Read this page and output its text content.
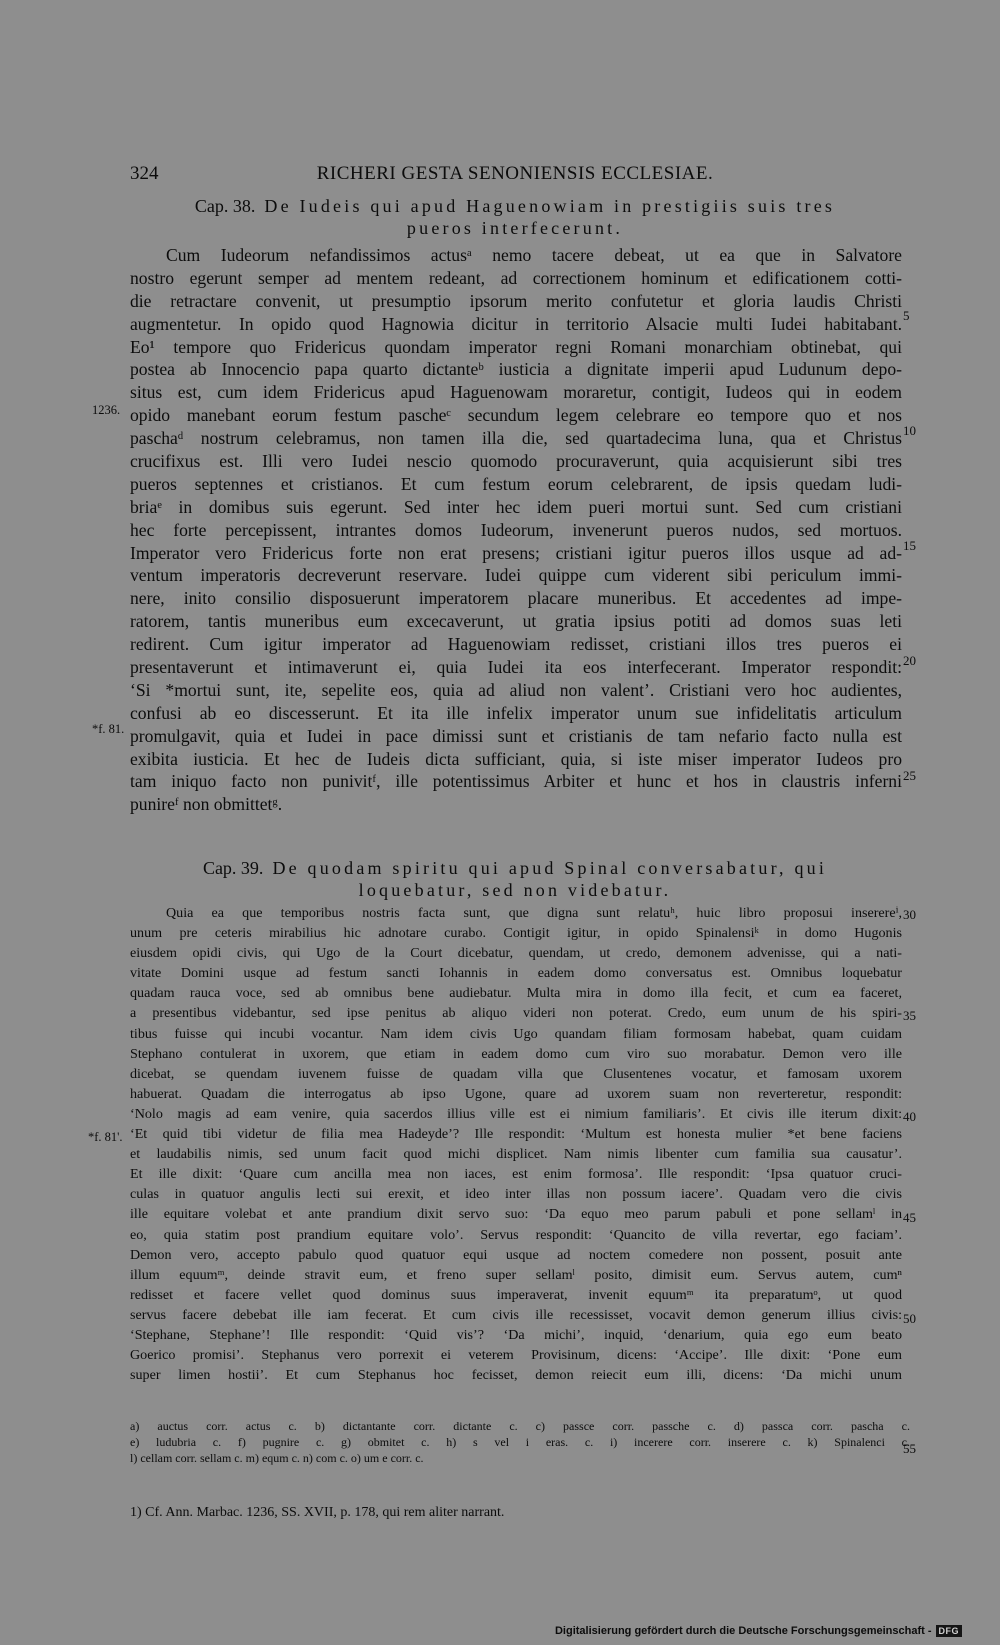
324	RICHERI GESTA SENONIENSIS ECCLESIAE.
Cap. 38. De Iudeis qui apud Haguenowiam in prestigiis suis tres
pueros interfecerunt.
Cum Iudeorum nefandissimos actusᵃ nemo tacere debeat, ut ea que in Salvatore
nostro egerunt semper ad mentem redeant, ad correctionem hominum et edificationem cotti-
die retractare convenit, ut presumptio ipsorum merito confutetur et gloria laudis Christi
augmentetur. In opido quod Hagnowia dicitur in territorio Alsacie multi Iudei habitabant.
Eo¹ tempore quo Fridericus quondam imperator regni Romani monarchiam obtinebat, qui
postea ab Innocencio papa quarto dictanteᵇ iusticia a dignitate imperii apud Ludunum depo-
situs est, cum idem Fridericus apud Haguenowam moraretur, contigit, Iudeos qui in eodem
opido manebant eorum festum pascheᶜ secundum legem celebrare eo tempore quo et nos
paschaᵈ nostrum celebramus, non tamen illa die, sed quartadecima luna, qua et Christus
crucifixus est. Illi vero Iudei nescio quomodo procuraverunt, quia acquisierunt sibi tres
pueros septennes et cristianos. Et cum festum eorum celebrarent, de ipsis quedam ludi-
briaᵉ in domibus suis egerunt. Sed inter hec idem pueri mortui sunt. Sed cum cristiani
hec forte percepissent, intrantes domos Iudeorum, invenerunt pueros nudos, sed mortuos.
Imperator vero Fridericus forte non erat presens; cristiani igitur pueros illos usque ad ad-
ventum imperatoris decreverunt reservare. Iudei quippe cum viderent sibi periculum immi-
nere, inito consilio disposuerunt imperatorem placare muneribus. Et accedentes ad impe-
ratorem, tantis muneribus eum excecaverunt, ut gratia ipsius potiti ad domos suas leti
redirent. Cum igitur imperator ad Haguenowiam redisset, cristiani illos tres pueros ei
presentaverunt et intimaverunt ei, quia Iudei ita eos interfecerant. Imperator respondit:
‘Si *mortui sunt, ite, sepelite eos, quia ad aliud non valent’. Cristiani vero hoc audientes,
confusi ab eo discesserunt. Et ita ille infelix imperator unum sue infidelitatis articulum
promulgavit, quia et Iudei in pace dimissi sunt et cristianis de tam nefario facto nulla est
exibita iusticia. Et hec de Iudeis dicta sufficiant, quia, si iste miser imperator Iudeos pro
tam iniquo facto non punivitᶠ, ille potentissimus Arbiter et hunc et hos in claustris inferni
punireᶠ non obmittetᵍ.
Cap. 39. De quodam spiritu qui apud Spinal conversabatur, qui
loquebatur, sed non videbatur.
Quia ea que temporibus nostris facta sunt, que digna sunt relatuʰ, huic libro proposui inserereⁱ,
unum pre ceteris mirabilius hic adnotare curabo. Contigit igitur, in opido Spinalensiᵏ in domo Hugonis
eiusdem opidi civis, qui Ugo de la Court dicebatur, quendam, ut credo, demonem advenisse, qui a nati-
vitate Domini usque ad festum sancti Iohannis in eadem domo conversatus est. Omnibus loquebatur
quadam rauca voce, sed ab omnibus bene audiebatur. Multa mira in domo illa fecit, et cum ea faceret,
a presentibus videbantur, sed ipse penitus ab aliquo videri non poterat. Credo, eum unum de his spiri-
tibus fuisse qui incubi vocantur. Nam idem civis Ugo quandam filiam formosam habebat, quam cuidam
Stephano contulerat in uxorem, que etiam in eadem domo cum viro suo morabatur. Demon vero ille
dicebat, se quendam iuvenem fuisse de quadam villa que Clusentenes vocatur, et famosam uxorem
habuerat. Quadam die interrogatus ab ipso Ugone, quare ad uxorem suam non reverteretur, respondit:
‘Nolo magis ad eam venire, quia sacerdos illius ville est ei nimium familiaris’. Et civis ille iterum dixit:
‘Et quid tibi videtur de filia mea Hadeyde’? Ille respondit: ‘Multum est honesta mulier *et bene faciens
et laudabilis nimis, sed unum facit quod michi displicet. Nam nimis libenter cum familia sua causatur’.
Et ille dixit: ‘Quare cum ancilla mea non iaces, est enim formosa’. Ille respondit: ‘Ipsa quatuor cruci-
culas in quatuor angulis lecti sui erexit, et ideo inter illas non possum iacere’. Quadam vero die civis
ille equitare volebat et ante prandium dixit servo suo: ‘Da equo meo parum pabuli et pone sellamˡ in
eo, quia statim post prandium equitare volo’. Servus respondit: ‘Quancito de villa revertar, ego faciam’.
Demon vero, accepto pabulo quod quatuor equi usque ad noctem comedere non possent, posuit ante
illum equumᵐ, deinde stravit eum, et freno super sellamˡ posito, dimisit eum. Servus autem, cumⁿ
redisset et facere vellet quod dominus suus imperaverat, invenit equumᵐ ita preparatumᵒ, ut quod
servus facere debebat ille iam fecerat. Et cum civis ille recessisset, vocavit demon generum illius civis:
‘Stephane, Stephane’! Ille respondit: ‘Quid vis’? ‘Da michi’, inquid, ‘denarium, quia ego eum beato
Goerico promisi’. Stephanus vero porrexit ei veterem Provisinum, dicens: ‘Accipe’. Ille dixit: ‘Pone eum
super limen hostii’. Et cum Stephanus hoc fecisset, demon reiecit eum illi, dicens: ‘Da michi unum
5
10
15
20
25
30
35
40
45
50
55
1236.
*f. 81.
*f. 81'.
a) auctus corr. actus c. b) dictantante corr. dictante c. c) passce corr. passche c. d) passca corr. pascha c.
e) ludubria c. f) pugnire c. g) obmitet c. h) s vel i eras. c. i) incerere corr. inserere c. k) Spinalenci c.
l) cellam corr. sellam c. m) equm c. n) com c. o) um e corr. c.
1) Cf. Ann. Marbac. 1236, SS. XVII, p. 178, qui rem aliter narrant.
Digitalisierung gefördert durch die Deutsche Forschungsgemeinschaft - DFG
